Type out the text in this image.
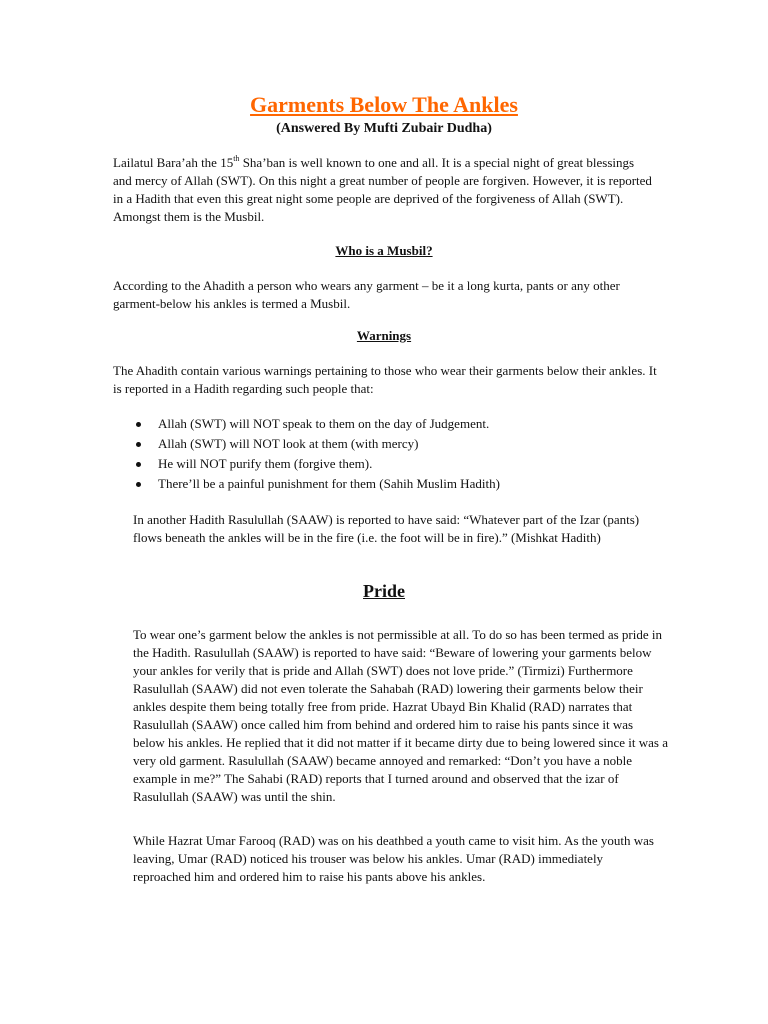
Garments Below The Ankles
(Answered By Mufti Zubair Dudha)

Lailatul Bara’ah the 15th Sha’ban is well known to one and all. It is a special night of great blessings and mercy of Allah (SWT). On this night a great number of people are forgiven. However, it is reported in a Hadith that even this great night some people are deprived of the forgiveness of Allah (SWT). Amongst them is the Musbil.

Who is a Musbil?

According to the Ahadith a person who wears any garment – be it a long kurta, pants or any other garment-below his ankles is termed a Musbil.

Warnings

The Ahadith contain various warnings pertaining to those who wear their garments below their ankles. It is reported in a Hadith regarding such people that:

Allah (SWT) will NOT speak to them on the day of Judgement.
Allah (SWT) will NOT look at them (with mercy)
He will NOT purify them (forgive them).
There’ll be a painful punishment for them (Sahih Muslim Hadith)

In another Hadith Rasulullah (SAAW) is reported to have said: “Whatever part of the Izar (pants) flows beneath the ankles will be in the fire (i.e. the foot will be in fire).” (Mishkat Hadith)

Pride

To wear one’s garment below the ankles is not permissible at all. To do so has been termed as pride in the Hadith. Rasulullah (SAAW) is reported to have said: “Beware of lowering your garments below your ankles for verily that is pride and Allah (SWT) does not love pride.” (Tirmizi) Furthermore Rasulullah (SAAW) did not even tolerate the Sahabah (RAD) lowering their garments below their ankles despite them being totally free from pride. Hazrat Ubayd Bin Khalid (RAD) narrates that Rasulullah (SAAW) once called him from behind and ordered him to raise his pants since it was below his ankles. He replied that it did not matter if it became dirty due to being lowered since it was a very old garment. Rasulullah (SAAW) became annoyed and remarked: “Don’t you have a noble example in me?” The Sahabi (RAD) reports that I turned around and observed that the izar of Rasulullah (SAAW) was until the shin.

While Hazrat Umar Farooq (RAD) was on his deathbed a youth came to visit him. As the youth was leaving, Umar (RAD) noticed his trouser was below his ankles. Umar (RAD) immediately reproached him and ordered him to raise his pants above his ankles.
